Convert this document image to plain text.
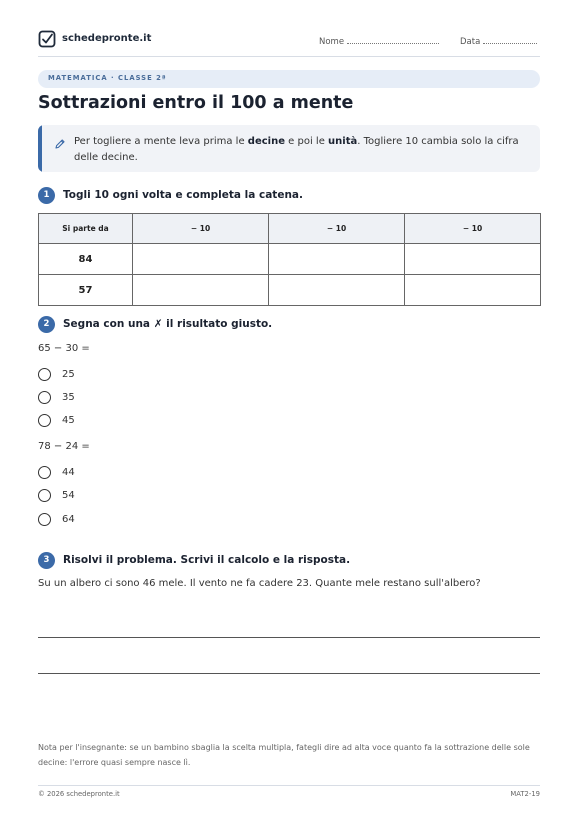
schedepronte.it	Nome	Data
MATEMATICA · CLASSE 2ª
Sottrazioni entro il 100 a mente
Per togliere a mente leva prima le decine e poi le unità. Togliere 10 cambia solo la cifra delle decine.
1	Togli 10 ogni volta e completa la catena.
Si parte da	− 10	− 10	− 10
84			
57			
2	Segna con una ✗ il risultato giusto.
65 − 30 =
25
35
45
78 − 24 =
44
54
64
3	Risolvi il problema. Scrivi il calcolo e la risposta.
Su un albero ci sono 46 mele. Il vento ne fa cadere 23. Quante mele restano sull'albero?
Nota per l'insegnante: se un bambino sbaglia la scelta multipla, fategli dire ad alta voce quanto fa la sottrazione delle sole decine: l'errore quasi sempre nasce lì.
© 2026 schedepronte.it	MAT2-19
